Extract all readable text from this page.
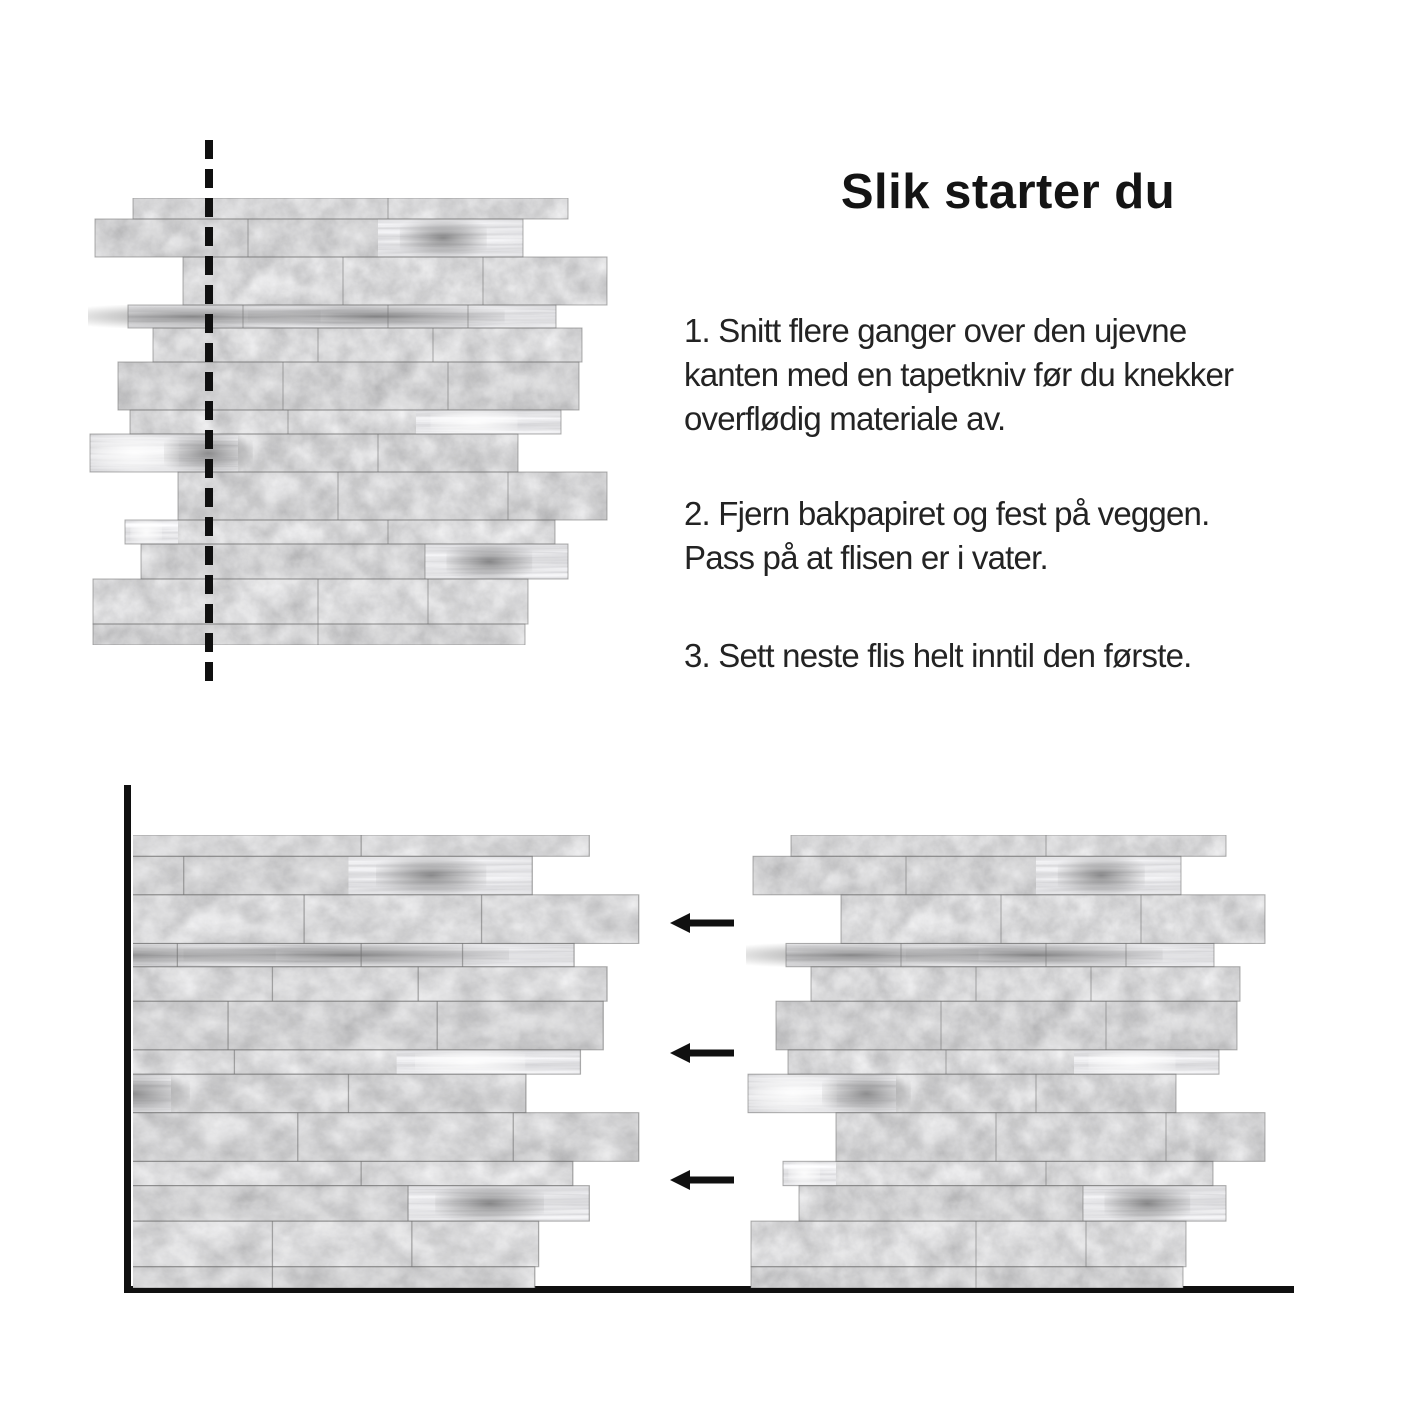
Slik starter du
1. Snitt flere ganger over den ujevne
kanten med en tapetkniv før du knekker
overflødig materiale av.
2. Fjern bakpapiret og fest på veggen.
Pass på at flisen er i vater.
3. Sett neste flis helt inntil den første.
